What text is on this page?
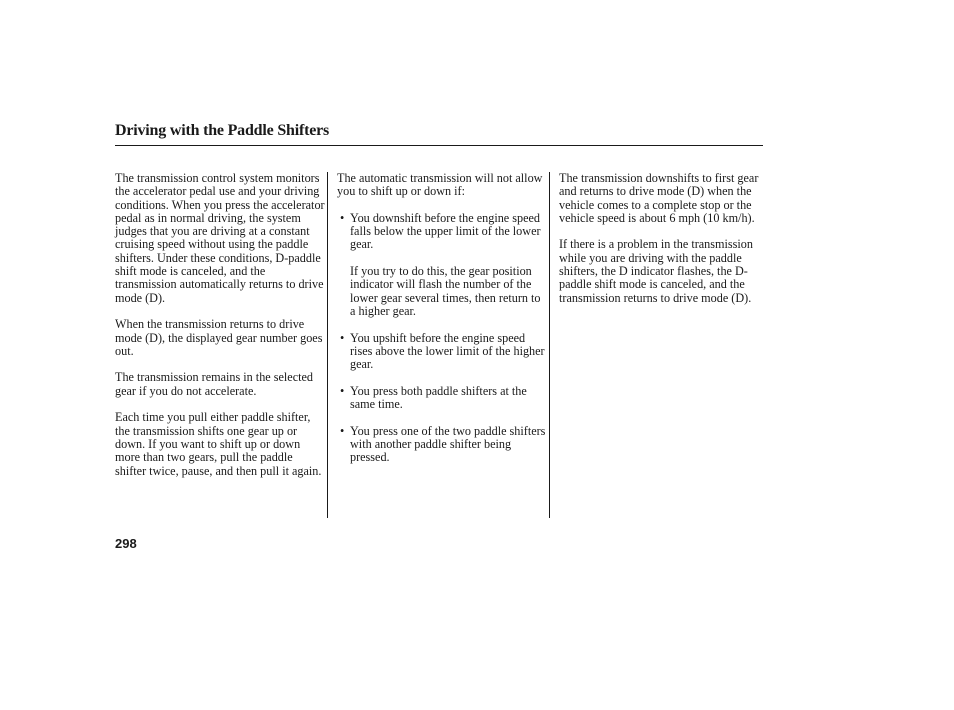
Driving with the Paddle Shifters

The transmission control system monitors the accelerator pedal use and your driving conditions. When you press the accelerator pedal as in normal driving, the system judges that you are driving at a constant cruising speed without using the paddle shifters. Under these conditions, D-paddle shift mode is canceled, and the transmission automatically returns to drive mode (D).

When the transmission returns to drive mode (D), the displayed gear number goes out.

The transmission remains in the selected gear if you do not accelerate.

Each time you pull either paddle shifter, the transmission shifts one gear up or down. If you want to shift up or down more than two gears, pull the paddle shifter twice, pause, and then pull it again.

The automatic transmission will not allow you to shift up or down if:

• You downshift before the engine speed falls below the upper limit of the lower gear.
If you try to do this, the gear position indicator will flash the number of the lower gear several times, then return to a higher gear.
• You upshift before the engine speed rises above the lower limit of the higher gear.
• You press both paddle shifters at the same time.
• You press one of the two paddle shifters with another paddle shifter being pressed.

The transmission downshifts to first gear and returns to drive mode (D) when the vehicle comes to a complete stop or the vehicle speed is about 6 mph (10 km/h).

If there is a problem in the transmission while you are driving with the paddle shifters, the D indicator flashes, the D-paddle shift mode is canceled, and the transmission returns to drive mode (D).

298
